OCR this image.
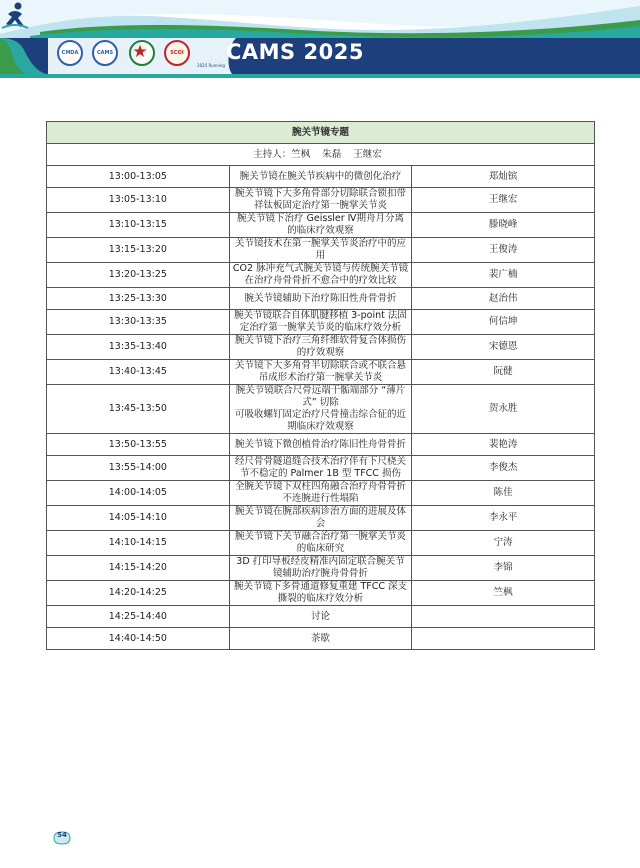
CMDA	CAMS	SCOI
2025 Running
CAMS 2025
腕关节镜专题		
主持人：竺枫 朱磊 王继宏		
13:00-13:05	腕关节镜在腕关节疾病中的微创化治疗	郑灿镔
13:05-13:10	腕关节镜下大多角骨部分切除联合锁扣带祥钛板固定治疗第一腕掌关节炎	王继宏
13:10-13:15	腕关节镜下治疗 Geissler Ⅳ期舟月分离的临床疗效观察	滕晓峰
13:15-13:20	关节镜技术在第一腕掌关节炎治疗中的应用	王俊涛
13:20-13:25	CO2 脉冲充气式腕关节镜与传统腕关节镜在治疗舟骨骨折不愈合中的疗效比较	裴广楠
13:25-13:30	腕关节镜辅助下治疗陈旧性舟骨骨折	赵治伟
13:30-13:35	腕关节镜联合自体肌腱移植 3-point 法固定治疗第一腕掌关节炎的临床疗效分析	何信坤
13:35-13:40	腕关节镜下治疗三角纤维软骨复合体损伤的疗效观察	宋德恩
13:40-13:45	关节镜下大多角骨半切除联合或不联合悬吊成形术治疗第一腕掌关节炎	阮健
13:45-13:50	腕关节镜联合尺骨远端干骺端部分 “薄片式” 切除
可吸收螺钉固定治疗尺骨撞击综合征的近期临床疗效观察	贺永胜
13:50-13:55	腕关节镜下微创植骨治疗陈旧性舟骨骨折	裴艳涛
13:55-14:00	经尺骨骨隧道缝合技术治疗伴有下尺桡关节不稳定的 Palmer 1B 型 TFCC 损伤	李俊杰
14:00-14:05	全腕关节镜下双柱四角融合治疗舟骨骨折不连腕进行性塌陷	陈佳
14:05-14:10	腕关节镜在腕部疾病诊治方面的进展及体会	李永平
14:10-14:15	腕关节镜下关节融合治疗第一腕掌关节炎的临床研究	宁涛
14:15-14:20	3D 打印导板经皮精准内固定联合腕关节镜辅助治疗腕舟骨骨折	李锦
14:20-14:25	腕关节镜下多骨通道修复重建 TFCC 深支撕裂的临床疗效分析	竺枫
14:25-14:40	讨论	
14:40-14:50	茶歇	
54
